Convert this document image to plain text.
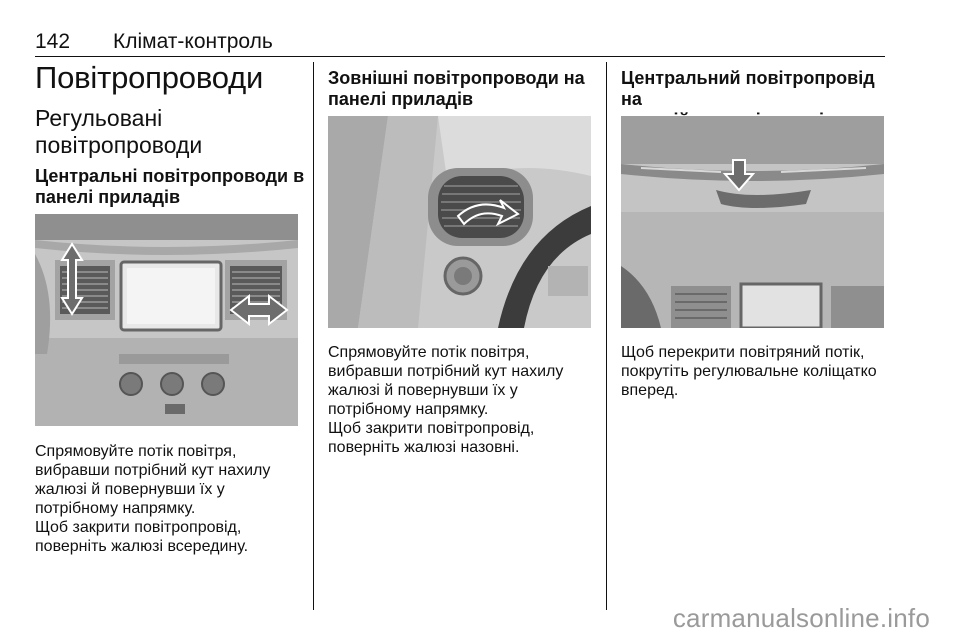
142 Клімат-контроль
Повітропроводи
Регульовані
повітропроводи
Центральні повітропроводи в
панелі приладів
Спрямовуйте потік повітря,
вибравши потрібний кут нахилу
жалюзі й повернувши їх у
потрібному напрямку.
Щоб закрити повітропровід,
поверніть жалюзі всередину.
Зовнішні повітропроводи на
панелі приладів
Спрямовуйте потік повітря,
вибравши потрібний кут нахилу
жалюзі й повернувши їх у
потрібному напрямку.
Щоб закрити повітропровід,
поверніть жалюзі назовні.
Центральний повітропровід на
Щоб перекрити повітряний потік,
покрутіть регулювальне коліщатко
вперед.
carmanualsonline.info
